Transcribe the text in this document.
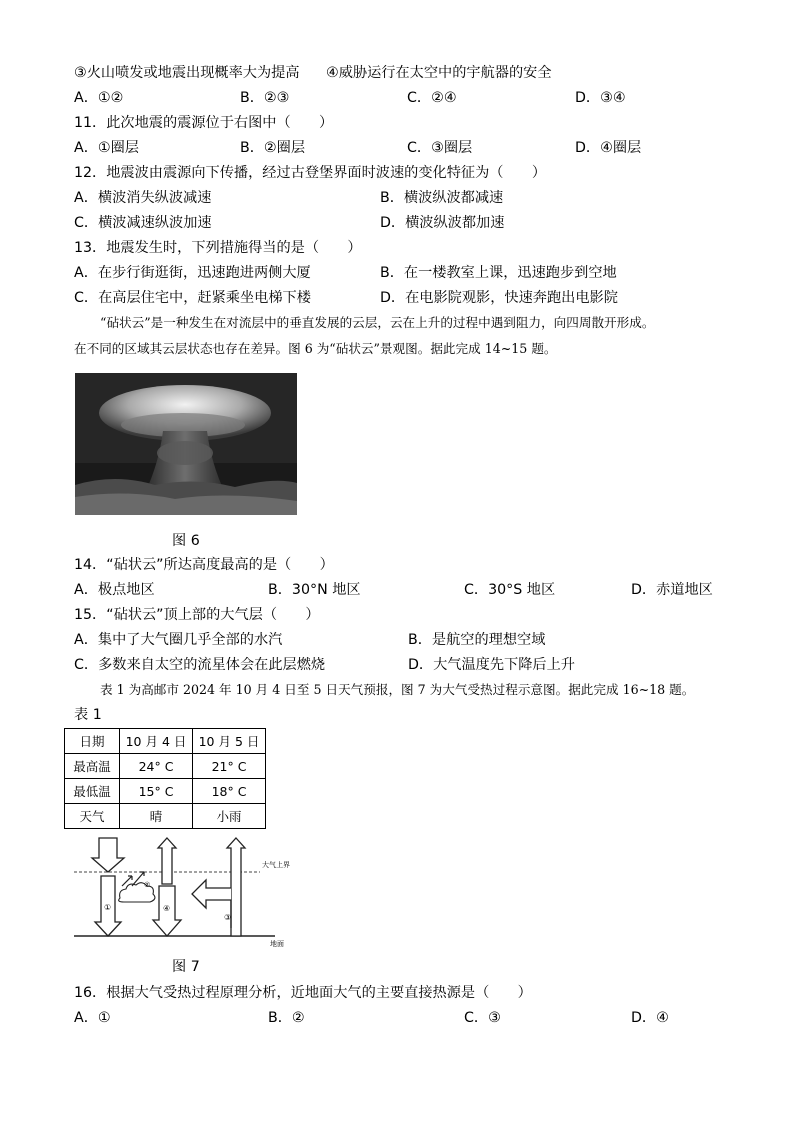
③火山喷发或地震出现概率大为提高 ④威胁运行在太空中的宇航器的安全
A．①②	B．②③	C．②④	D．③④
11．此次地震的震源位于右图中（　　）
A．①圈层	B．②圈层	C．③圈层	D．④圈层
12．地震波由震源向下传播，经过古登堡界面时波速的变化特征为（　　）
A．横波消失纵波减速	B．横波纵波都减速
C．横波减速纵波加速	D．横波纵波都加速
13．地震发生时，下列措施得当的是（　　）
A．在步行街逛街，迅速跑进两侧大厦	B．在一楼教室上课，迅速跑步到空地
C．在高层住宅中，赶紧乘坐电梯下楼	D．在电影院观影，快速奔跑出电影院
“砧状云”是一种发生在对流层中的垂直发展的云层，云在上升的过程中遇到阻力，向四周散开形成。
在不同的区域其云层状态也存在差异。图 6 为“砧状云”景观图。据此完成 14~15 题。
图 6
14．“砧状云”所达高度最高的是（　　）
A．极点地区	B．30°N 地区	C．30°S 地区	D．赤道地区
15．“砧状云”顶上部的大气层（　　）
A．集中了大气圈几乎全部的水汽	B．是航空的理想空域
C．多数来自太空的流星体会在此层燃烧	D．大气温度先下降后上升
表 1 为高邮市 2024 年 10 月 4 日至 5 日天气预报，图 7 为大气受热过程示意图。据此完成 16~18 题。
表 1
日期	10 月 4 日	10 月 5 日
最高温	24° C	21° C
最低温	15° C	18° C
天气	晴	小雨
大气上界
地面
①
②
④
③
图 7
16．根据大气受热过程原理分析，近地面大气的主要直接热源是（　　）
A．①	B．②	C．③	D．④
